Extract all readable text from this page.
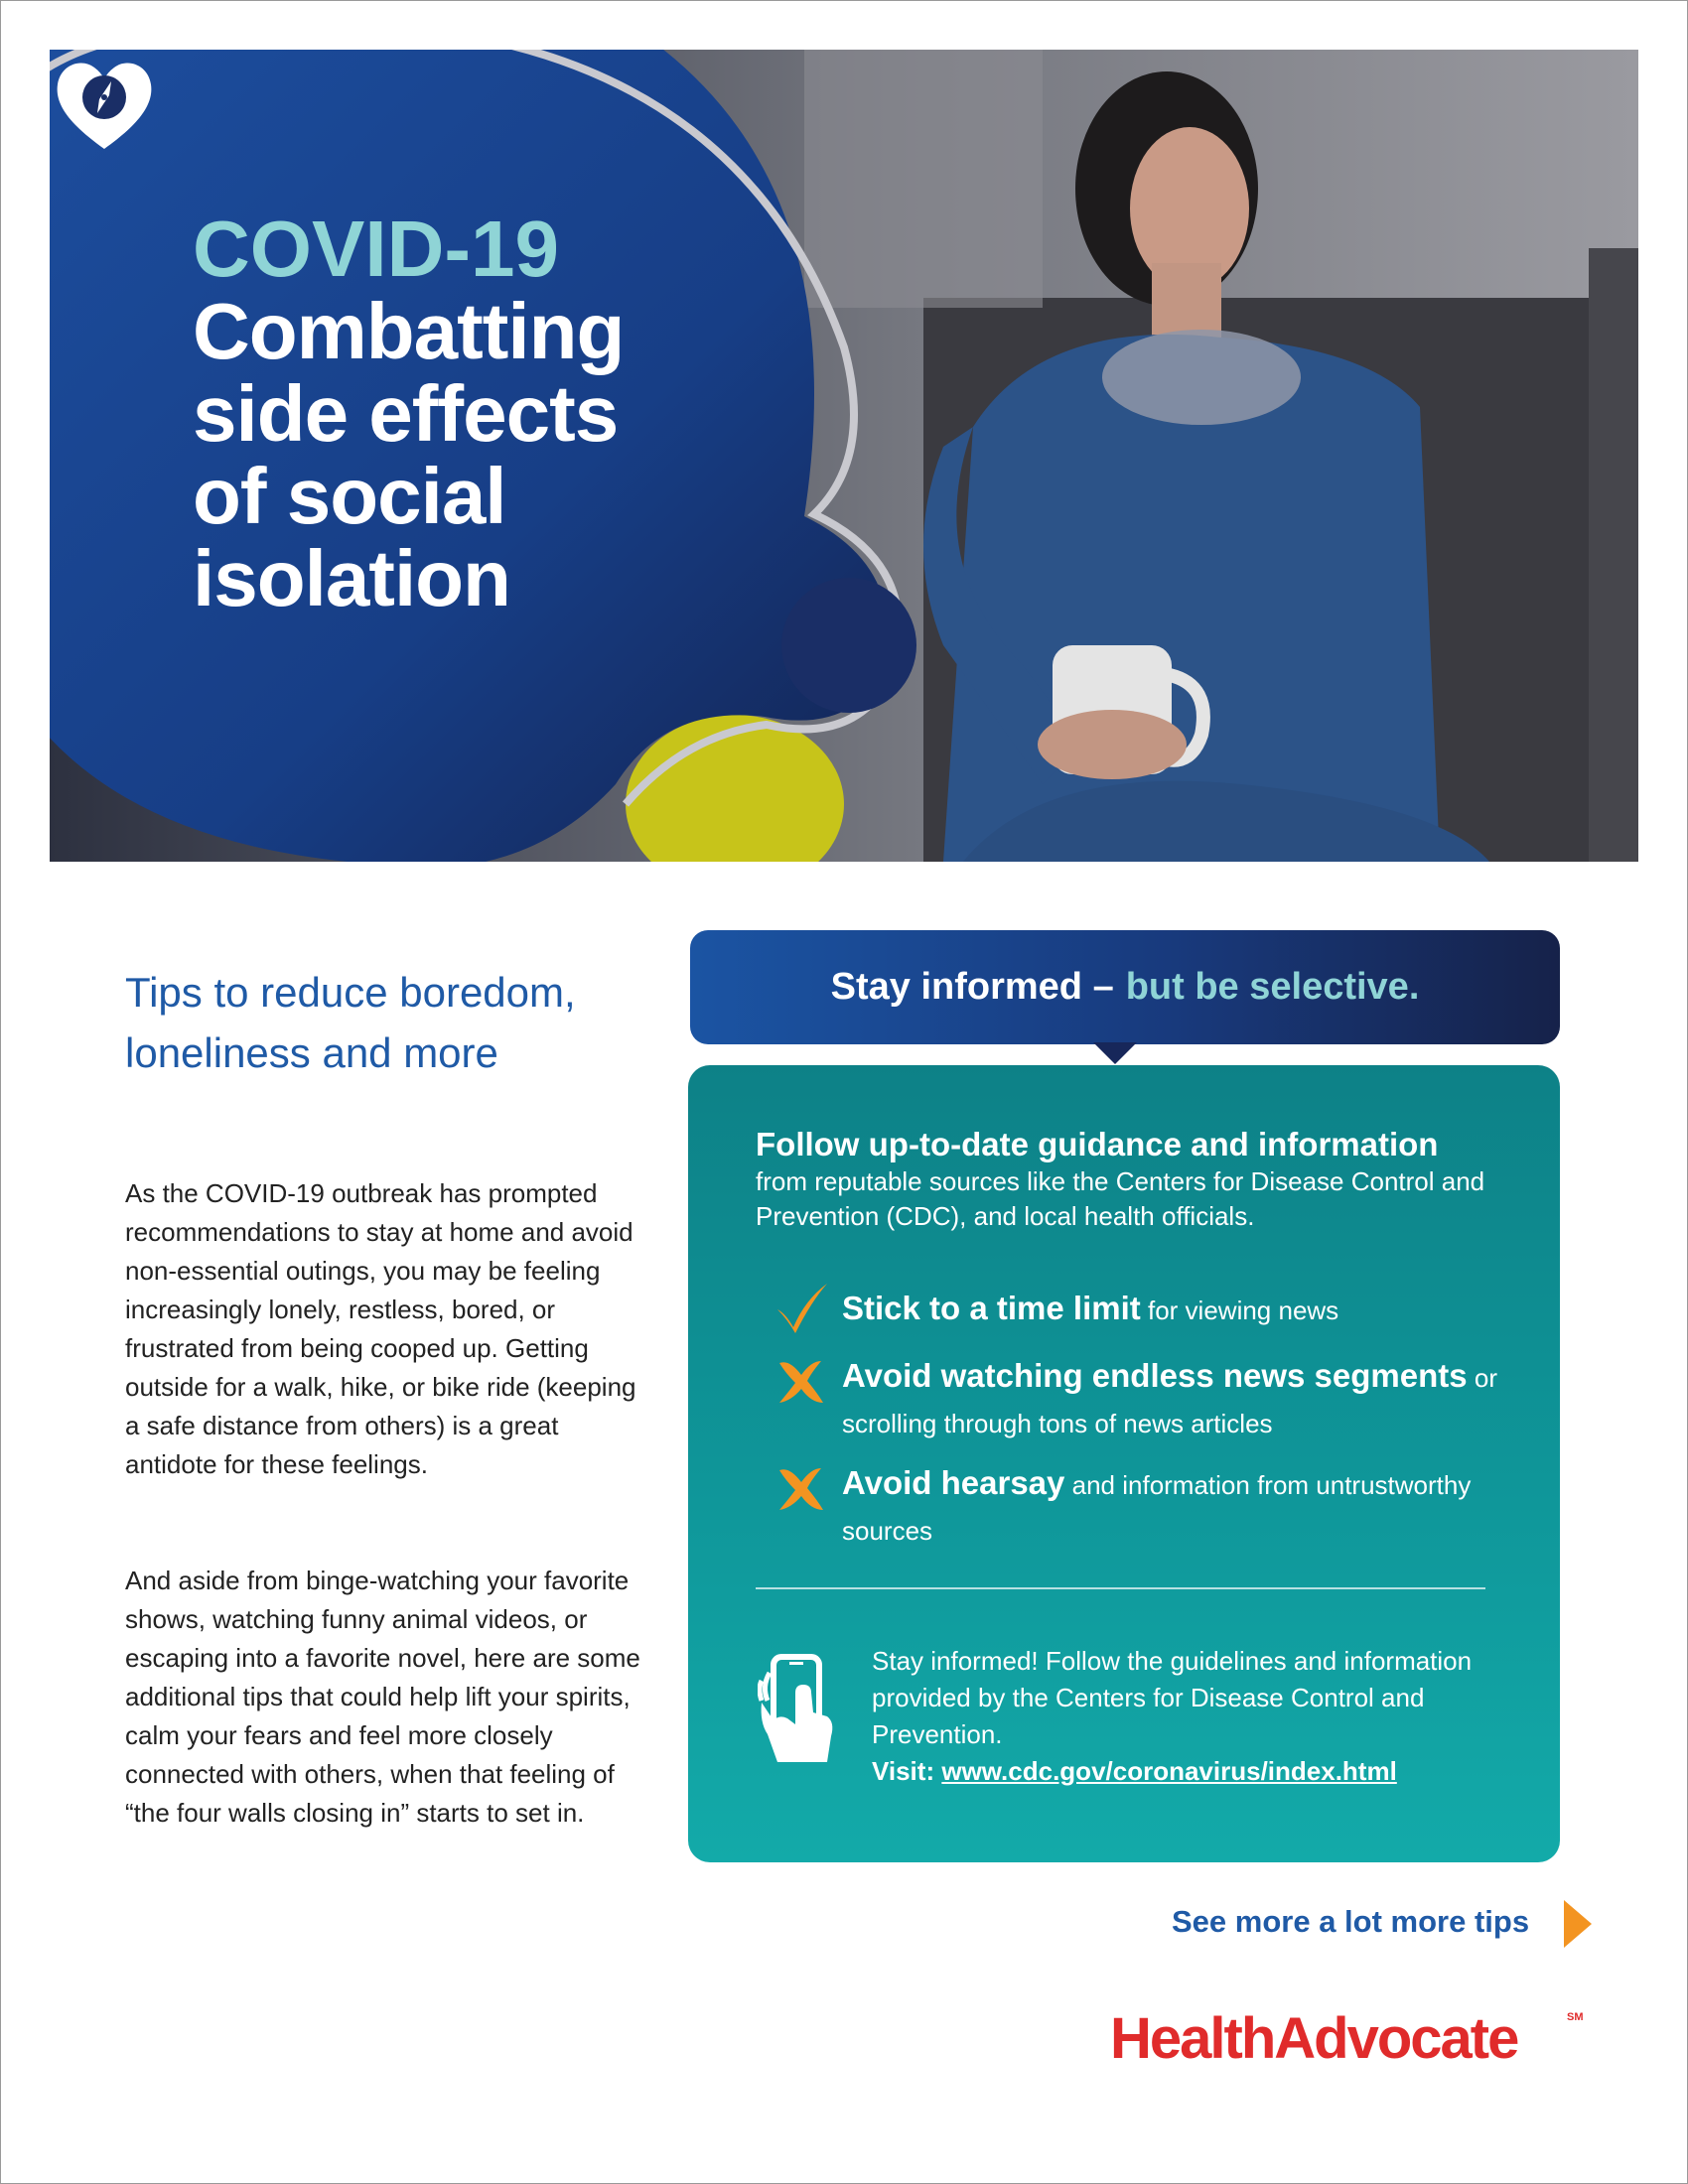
COVID-19
Combatting
side effects
of social
isolation
Tips to reduce boredom, loneliness and more

As the COVID-19 outbreak has prompted recommendations to stay at home and avoid non-essential outings, you may be feeling increasingly lonely, restless, bored, or frustrated from being cooped up. Getting outside for a walk, hike, or bike ride (keeping a safe distance from others) is a great antidote for these feelings.

And aside from binge-watching your favorite shows, watching funny animal videos, or escaping into a favorite novel, here are some additional tips that could help lift your spirits, calm your fears and feel more closely connected with others, when that feeling of “the four walls closing in” starts to set in.

Stay informed – but be selective.
Follow up-to-date guidance and information
from reputable sources like the Centers for Disease Control and Prevention (CDC), and local health officials.
Stick to a time limit for viewing news
Avoid watching endless news segments or scrolling through tons of news articles
Avoid hearsay and information from untrustworthy sources
Stay informed! Follow the guidelines and information provided by the Centers for Disease Control and Prevention.
Visit: www.cdc.gov/coronavirus/index.html
See more a lot more tips
HealthAdvocate	SM
